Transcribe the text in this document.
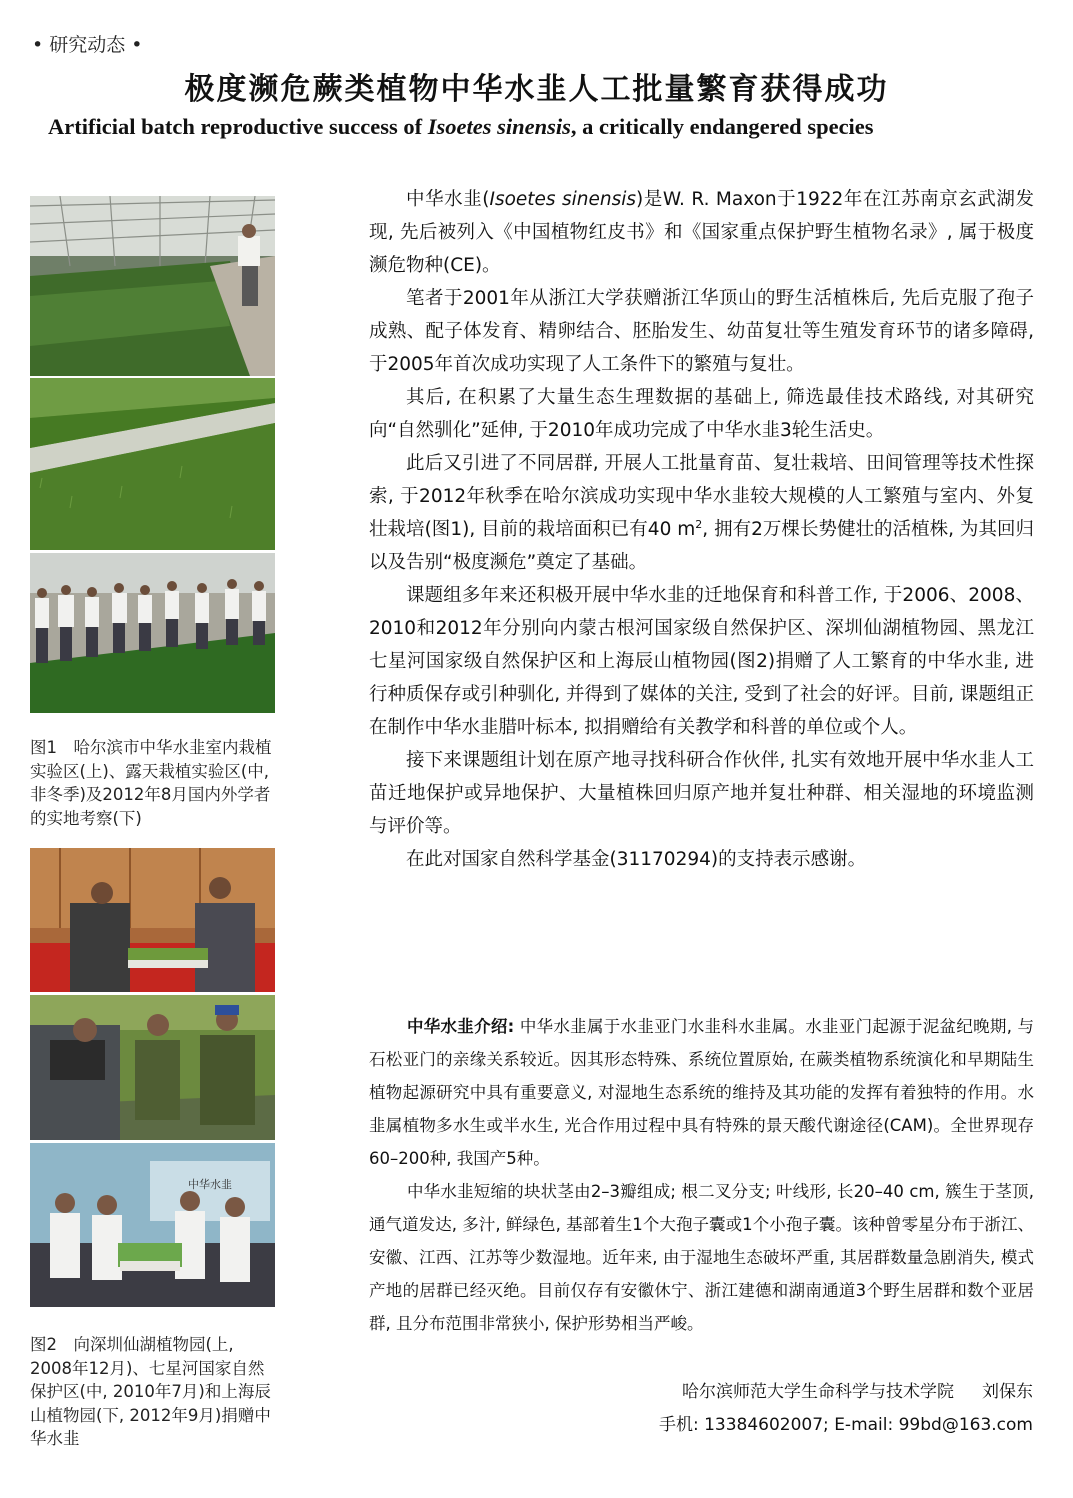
• 研究动态 •
极度濒危蕨类植物中华水韭人工批量繁育获得成功
Artificial batch reproductive success of Isoetes sinensis, a critically endangered species
图1　哈尔滨市中华水韭室内栽植实验区(上)、露天栽植实验区(中, 非冬季)及2012年8月国内外学者的实地考察(下)
中华水韭
图2　向深圳仙湖植物园(上, 2008年12月)、七星河国家自然保护区(中, 2010年7月)和上海辰山植物园(下, 2012年9月)捐赠中华水韭

中华水韭(Isoetes sinensis)是W. R. Maxon于1922年在江苏南京玄武湖发现, 先后被列入《中国植物红皮书》和《国家重点保护野生植物名录》, 属于极度濒危物种(CE)。

笔者于2001年从浙江大学获赠浙江华顶山的野生活植株后, 先后克服了孢子成熟、配子体发育、精卵结合、胚胎发生、幼苗复壮等生殖发育环节的诸多障碍, 于2005年首次成功实现了人工条件下的繁殖与复壮。

其后, 在积累了大量生态生理数据的基础上, 筛选最佳技术路线, 对其研究向“自然驯化”延伸, 于2010年成功完成了中华水韭3轮生活史。

此后又引进了不同居群, 开展人工批量育苗、复壮栽培、田间管理等技术性探索, 于2012年秋季在哈尔滨成功实现中华水韭较大规模的人工繁殖与室内、外复壮栽培(图1), 目前的栽培面积已有40 $m^2$, 拥有2万棵长势健壮的活植株, 为其回归以及告别“极度濒危”奠定了基础。

课题组多年来还积极开展中华水韭的迁地保育和科普工作, 于2006、2008、2010和2012年分别向内蒙古根河国家级自然保护区、深圳仙湖植物园、黑龙江七星河国家级自然保护区和上海辰山植物园(图2)捐赠了人工繁育的中华水韭, 进行种质保存或引种驯化, 并得到了媒体的关注, 受到了社会的好评。目前, 课题组正在制作中华水韭腊叶标本, 拟捐赠给有关教学和科普的单位或个人。

接下来课题组计划在原产地寻找科研合作伙伴, 扎实有效地开展中华水韭人工苗迁地保护或异地保护、大量植株回归原产地并复壮种群、相关湿地的环境监测与评价等。

在此对国家自然科学基金(31170294)的支持表示感谢。

中华水韭介绍: 中华水韭属于水韭亚门水韭科水韭属。水韭亚门起源于泥盆纪晚期, 与石松亚门的亲缘关系较近。因其形态特殊、系统位置原始, 在蕨类植物系统演化和早期陆生植物起源研究中具有重要意义, 对湿地生态系统的维持及其功能的发挥有着独特的作用。水韭属植物多水生或半水生, 光合作用过程中具有特殊的景天酸代谢途径(CAM)。全世界现存60–200种, 我国产5种。

中华水韭短缩的块状茎由2–3瓣组成; 根二叉分支; 叶线形, 长20–40 cm, 簇生于茎顶, 通气道发达, 多汁, 鲜绿色, 基部着生1个大孢子囊或1个小孢子囊。该种曾零星分布于浙江、安徽、江西、江苏等少数湿地。近年来, 由于湿地生态破坏严重, 其居群数量急剧消失, 模式产地的居群已经灭绝。目前仅存有安徽休宁、浙江建德和湖南通道3个野生居群和数个亚居群, 且分布范围非常狭小, 保护形势相当严峻。

哈尔滨师范大学生命科学与技术学院 刘保东
手机: 13384602007; E-mail: 99bd@163.com
